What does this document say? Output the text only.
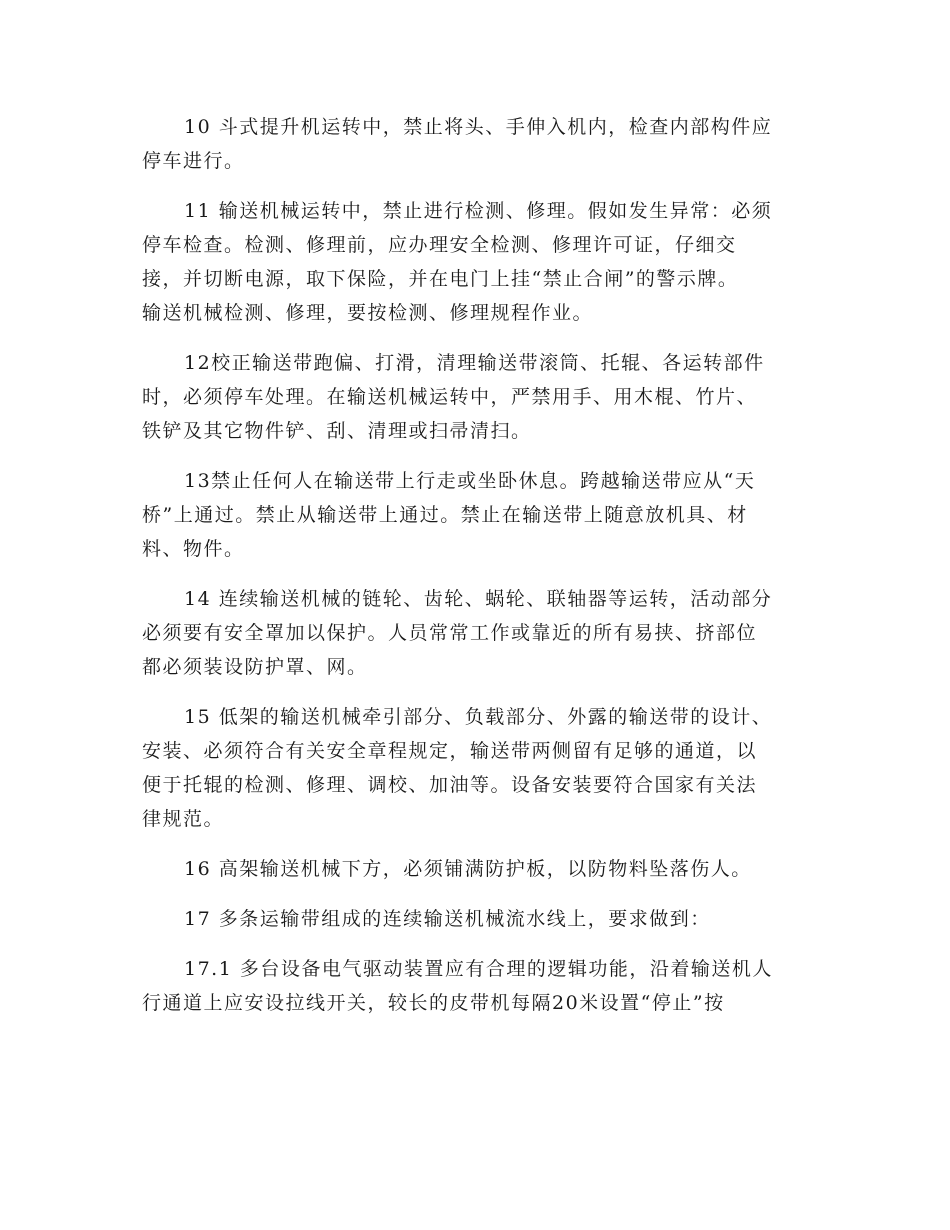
10 斗式提升机运转中，禁止将头、手伸入机内，检查内部构件应
停车进行。
11 输送机械运转中，禁止进行检测、修理。假如发生异常：必须
停车检查。检测、修理前，应办理安全检测、修理许可证，仔细交
接，并切断电源，取下保险，并在电门上挂“禁止合闸”的警示牌。
输送机械检测、修理，要按检测、修理规程作业。
12校正输送带跑偏、打滑，清理输送带滚筒、托辊、各运转部件
时，必须停车处理。在输送机械运转中，严禁用手、用木棍、竹片、
铁铲及其它物件铲、刮、清理或扫帚清扫。
13禁止任何人在输送带上行走或坐卧休息。跨越输送带应从“天
桥”上通过。禁止从输送带上通过。禁止在输送带上随意放机具、材
料、物件。
14 连续输送机械的链轮、齿轮、蜗轮、联轴器等运转，活动部分
必须要有安全罩加以保护。人员常常工作或靠近的所有易挟、挤部位
都必须装设防护罩、网。
15 低架的输送机械牵引部分、负载部分、外露的输送带的设计、
安装、必须符合有关安全章程规定，输送带两侧留有足够的通道，以
便于托辊的检测、修理、调校、加油等。设备安装要符合国家有关法
律规范。
16 高架输送机械下方，必须铺满防护板，以防物料坠落伤人。
17 多条运输带组成的连续输送机械流水线上，要求做到：
17.1 多台设备电气驱动装置应有合理的逻辑功能，沿着输送机人
行通道上应安设拉线开关，较长的皮带机每隔20米设置“停止”按
